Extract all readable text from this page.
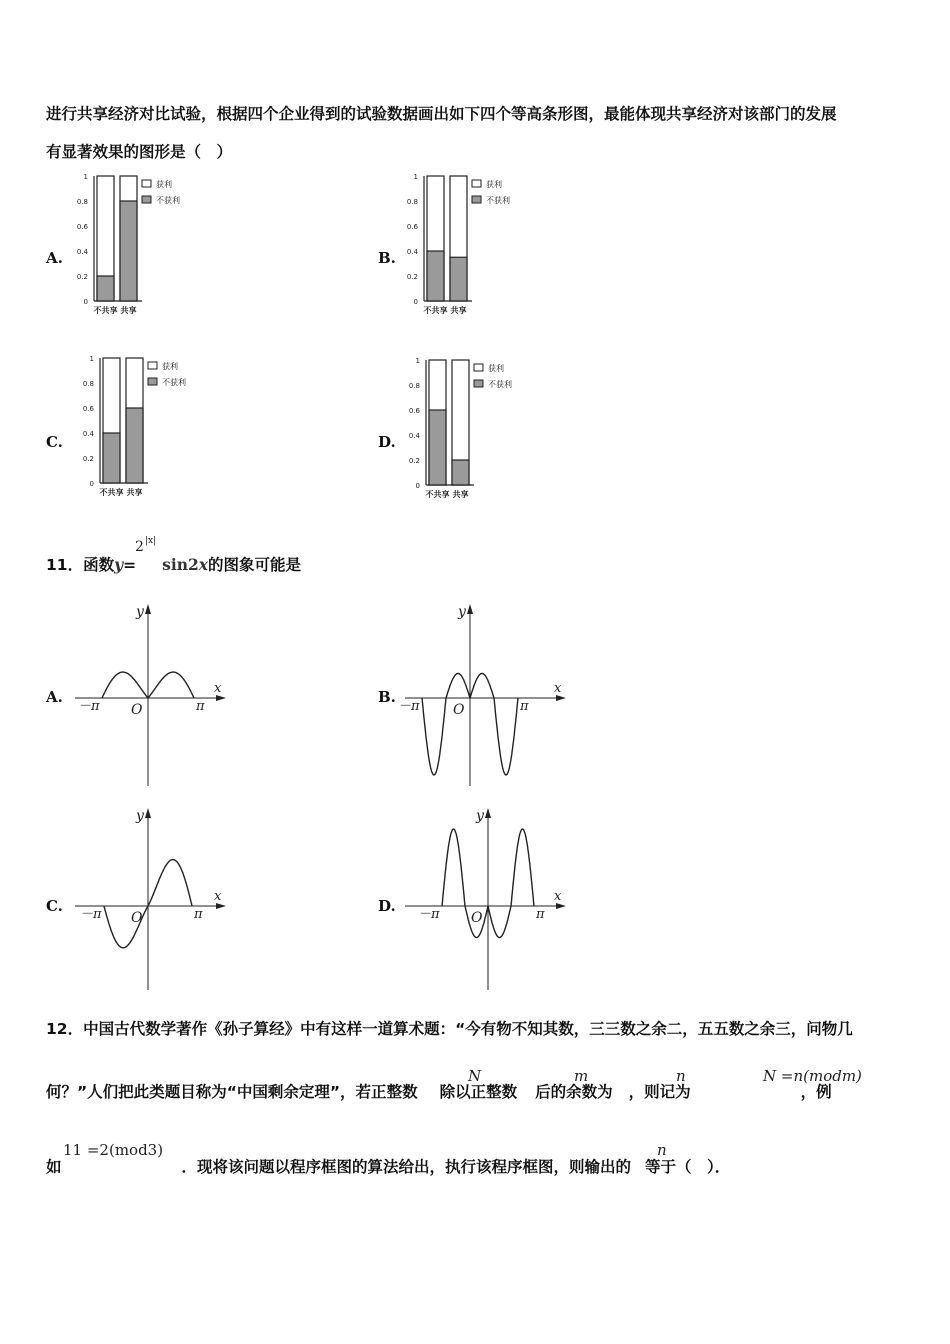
进行共享经济对比试验，根据四个企业得到的试验数据画出如下四个等高条形图，最能体现共享经济对该部门的发展
有显著效果的图形是（　）
A.	B.
C.	D.
1
0.8
0.6
0.4
0.2
0
不共享 共享
获利
不获利
1
0.8
0.6
0.4
0.2
0
不共享 共享
获利
不获利
1
0.8
0.6
0.4
0.2
0
不共享 共享
获利
不获利
1
0.8
0.6
0.4
0.2
0
不共享 共享
获利
不获利
11．函数y= sin2x的图象可能是
2 |x|
A.	B.
C.	D.
y
x
O
－π	π
y
x
O
－π	π
y
x
O
－π	π
y
x
O
－π	π
12．中国古代数学著作《孙子算经》中有这样一道算术题：“今有物不知其数，三三数之余二，五五数之余三，问物几
何？”人们把此类题目称为“中国剩余定理”，若正整数 除以正整数 后的余数为 ，则记为	，例
N	m	n	N =n(modm)
如	．现将该问题以程序框图的算法给出，执行该程序框图，则输出的 等于（　）．
11 =2(mod3)	n
